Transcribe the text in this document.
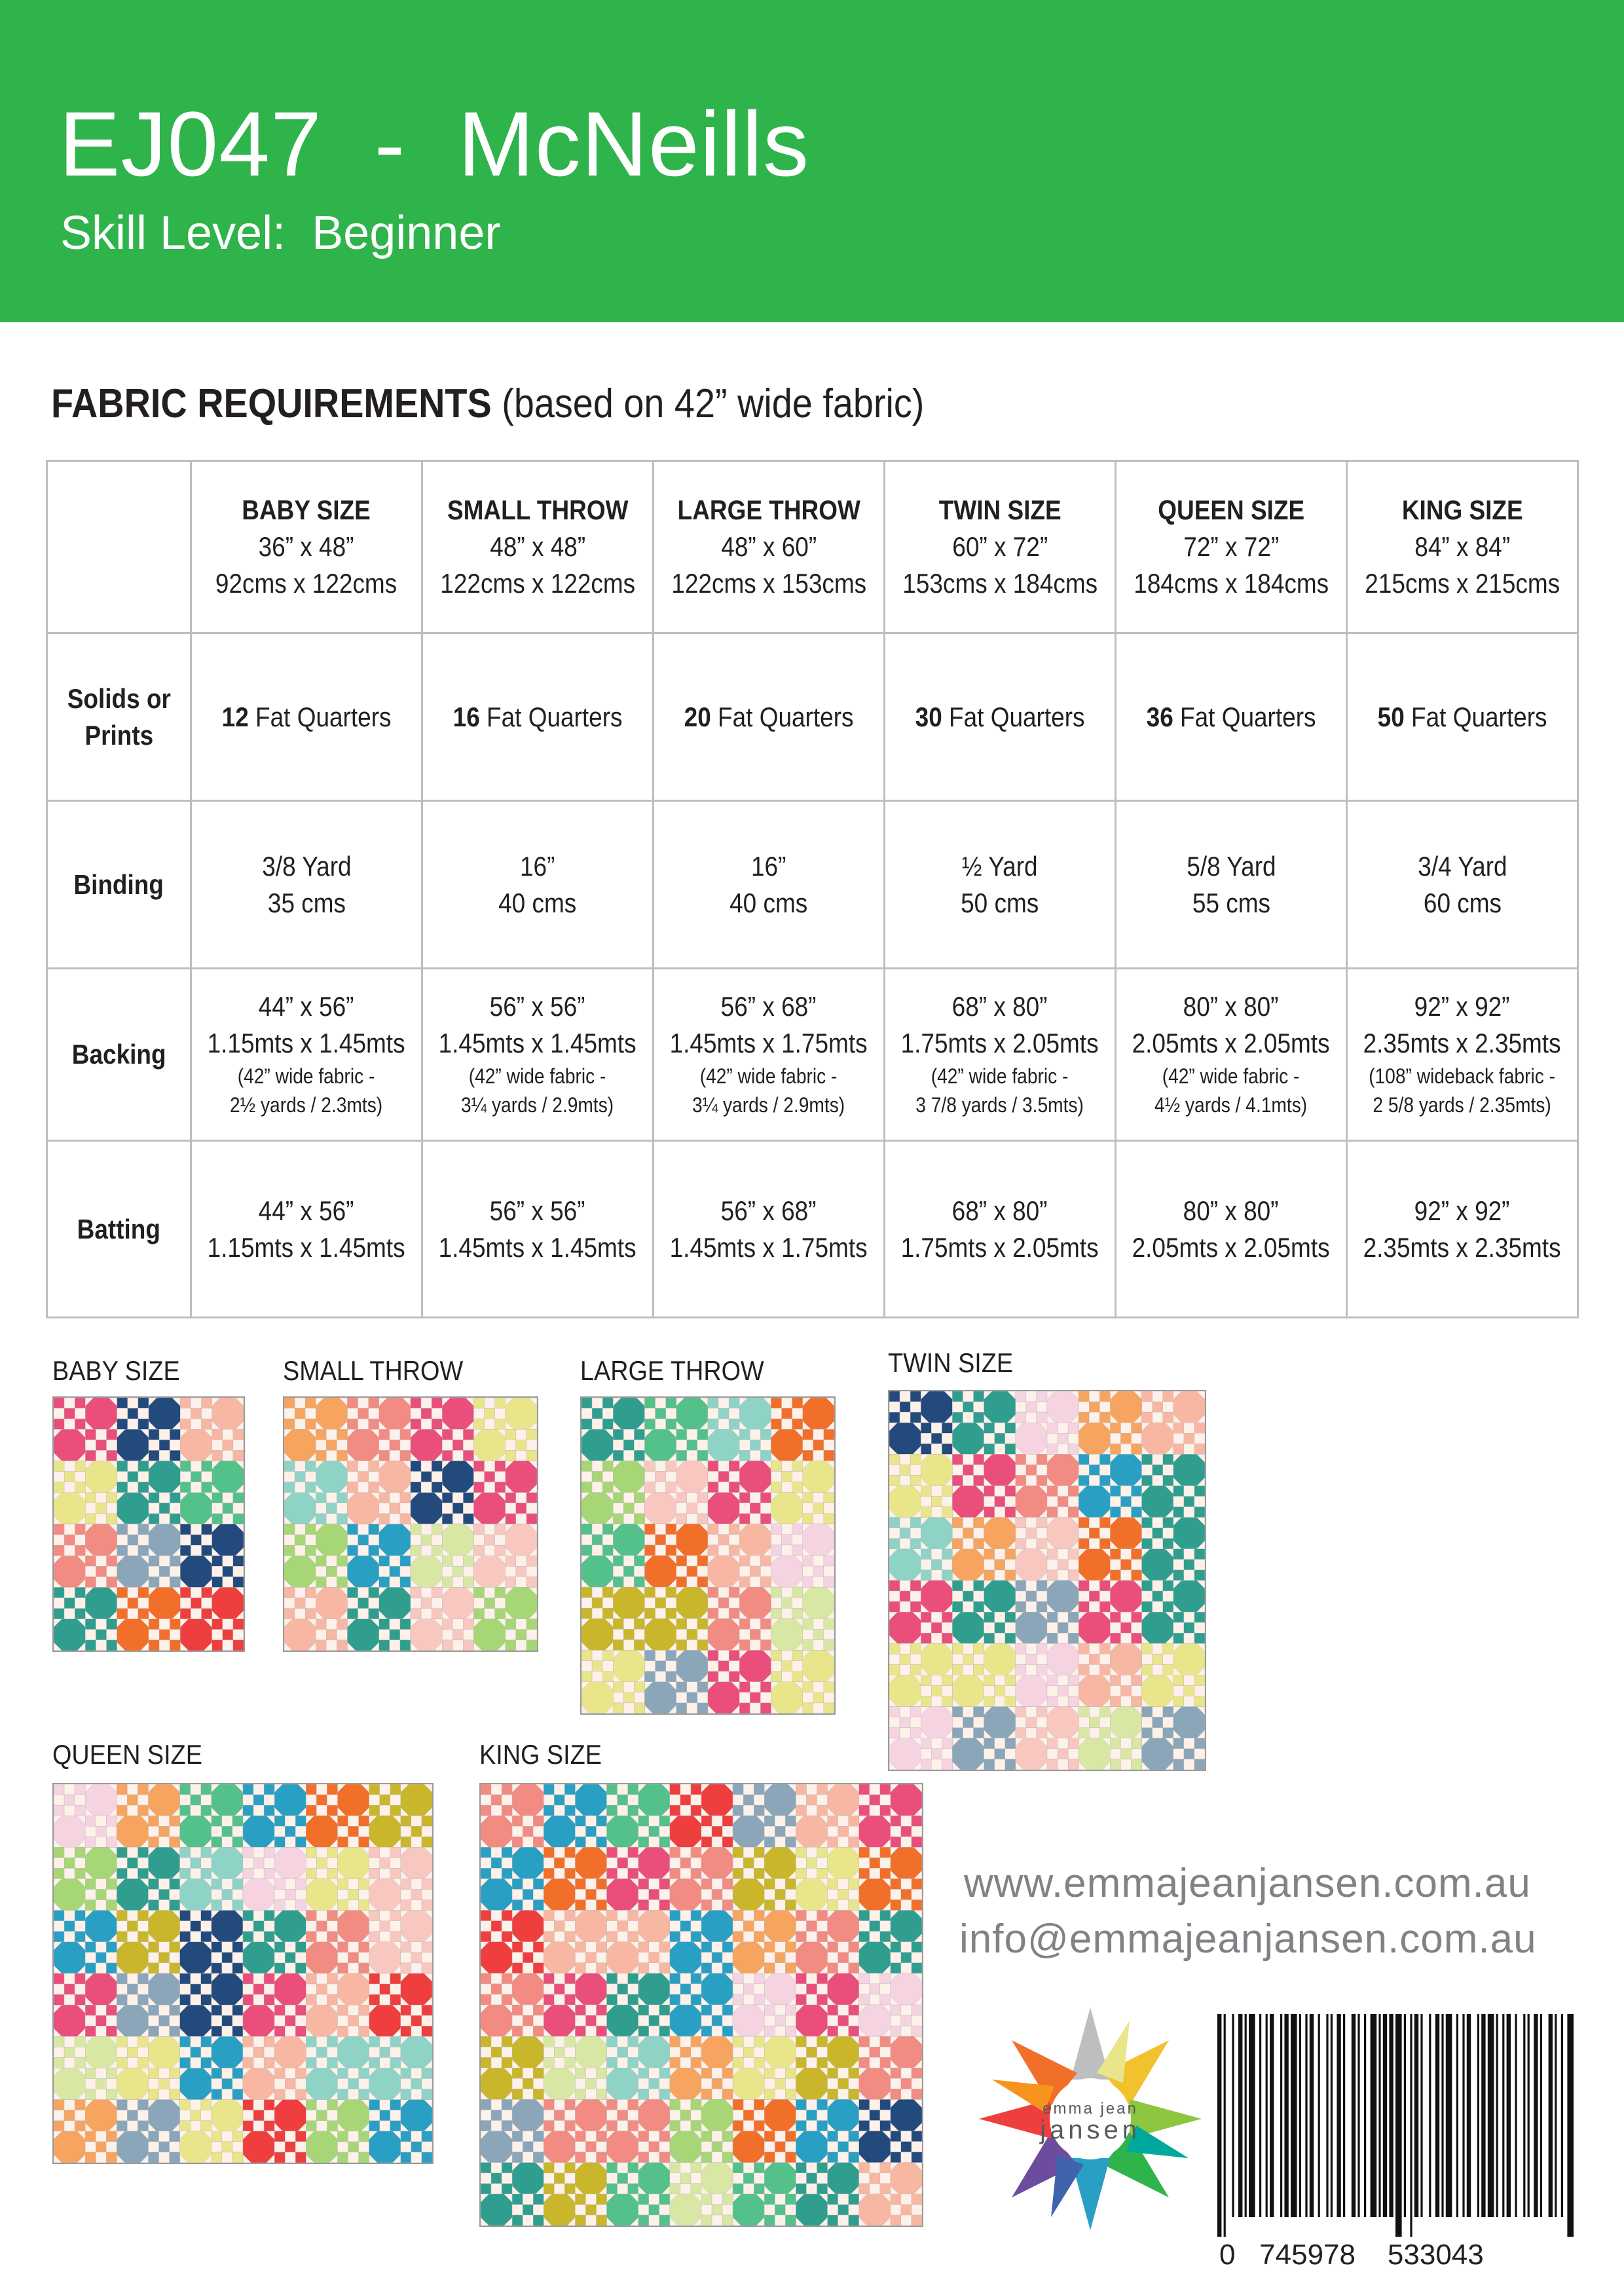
EJ047  -  McNeills
Skill Level:  Beginner
FABRIC REQUIREMENTS (based on 42” wide fabric)
	BABY SIZE
36” x 48”
92cms x 122cms	SMALL THROW
48” x 48”
122cms x 122cms	LARGE THROW
48” x 60”
122cms x 153cms	TWIN SIZE
60” x 72”
153cms x 184cms	QUEEN SIZE
72” x 72”
184cms x 184cms	KING SIZE
84” x 84”
215cms x 215cms
Solids or
Prints	12 Fat Quarters	16 Fat Quarters	20 Fat Quarters	30 Fat Quarters	36 Fat Quarters	50 Fat Quarters
Binding	3/8 Yard
35 cms	16”
40 cms	16”
40 cms	½ Yard
50 cms	5/8 Yard
55 cms	3/4 Yard
60 cms
Backing	44” x 56”
1.15mts x 1.45mts
(42” wide fabric -
2½ yards / 2.3mts)	56” x 56”
1.45mts x 1.45mts
(42” wide fabric -
3¼ yards / 2.9mts)	56” x 68”
1.45mts x 1.75mts
(42” wide fabric -
3¼ yards / 2.9mts)	68” x 80”
1.75mts x 2.05mts
(42” wide fabric -
3 7/8 yards / 3.5mts)	80” x 80”
2.05mts x 2.05mts
(42” wide fabric -
4½ yards / 4.1mts)	92” x 92”
2.35mts x 2.35mts
(108” wideback fabric -
2 5/8 yards / 2.35mts)

Batting	44” x 56”
1.15mts x 1.45mts	56” x 56”
1.45mts x 1.45mts	56” x 68”
1.45mts x 1.75mts	68” x 80”
1.75mts x 2.05mts	80” x 80”
2.05mts x 2.05mts	92” x 92”
2.35mts x 2.35mts
BABY SIZE	SMALL THROW	LARGE THROW	TWIN SIZE
QUEEN SIZE	KING SIZE
www.emmajeanjansen.com.au
info@emmajeanjansen.com.au
emma jean
jansen
0 745978 533043
